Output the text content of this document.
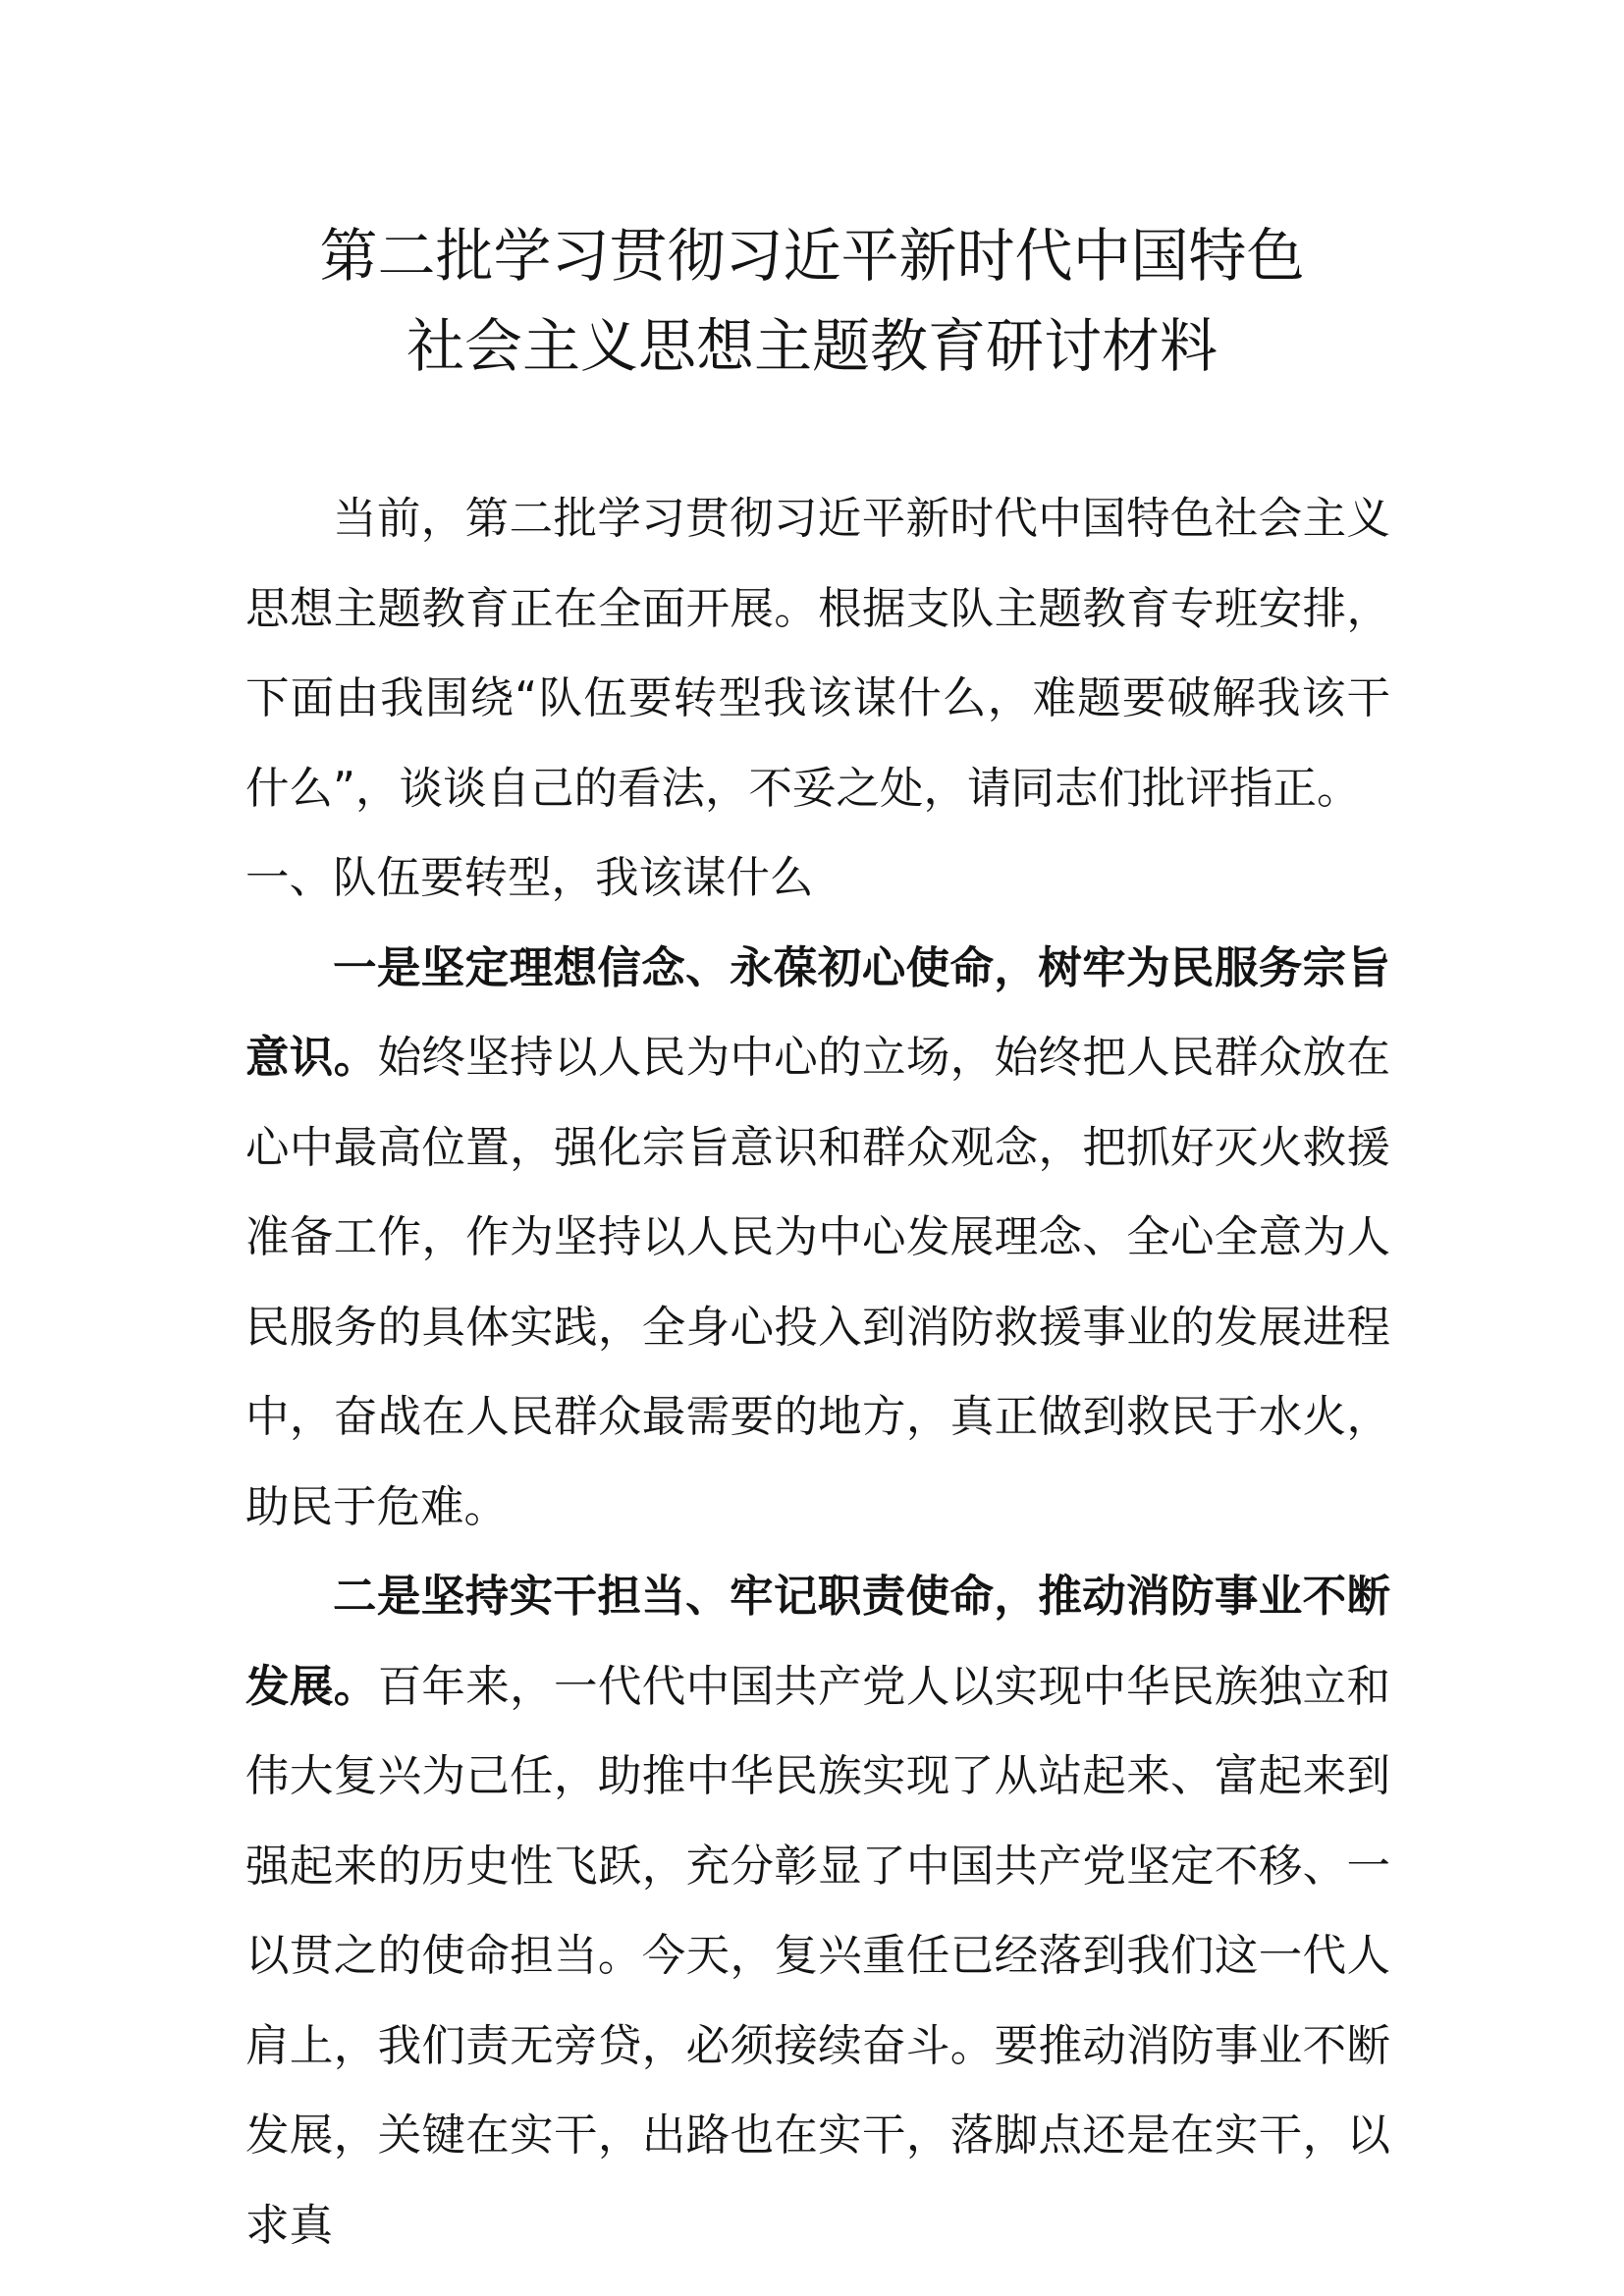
第二批学习贯彻习近平新时代中国特色
社会主义思想主题教育研讨材料

当前，第二批学习贯彻习近平新时代中国特色社会主义思想主题教育正在全面开展。根据支队主题教育专班安排，下面由我围绕“队伍要转型我该谋什么，难题要破解我该干什么”，谈谈自己的看法，不妥之处，请同志们批评指正。

一、队伍要转型，我该谋什么

一是坚定理想信念、永葆初心使命，树牢为民服务宗旨意识。始终坚持以人民为中心的立场，始终把人民群众放在心中最高位置，强化宗旨意识和群众观念，把抓好灭火救援准备工作，作为坚持以人民为中心发展理念、全心全意为人民服务的具体实践，全身心投入到消防救援事业的发展进程中，奋战在人民群众最需要的地方，真正做到救民于水火，助民于危难。

二是坚持实干担当、牢记职责使命，推动消防事业不断发展。百年来，一代代中国共产党人以实现中华民族独立和伟大复兴为己任，助推中华民族实现了从站起来、富起来到强起来的历史性飞跃，充分彰显了中国共产党坚定不移、一以贯之的使命担当。今天，复兴重任已经落到我们这一代人肩上，我们责无旁贷，必须接续奋斗。要推动消防事业不断发展，关键在实干，出路也在实干，落脚点还是在实干，以求真
